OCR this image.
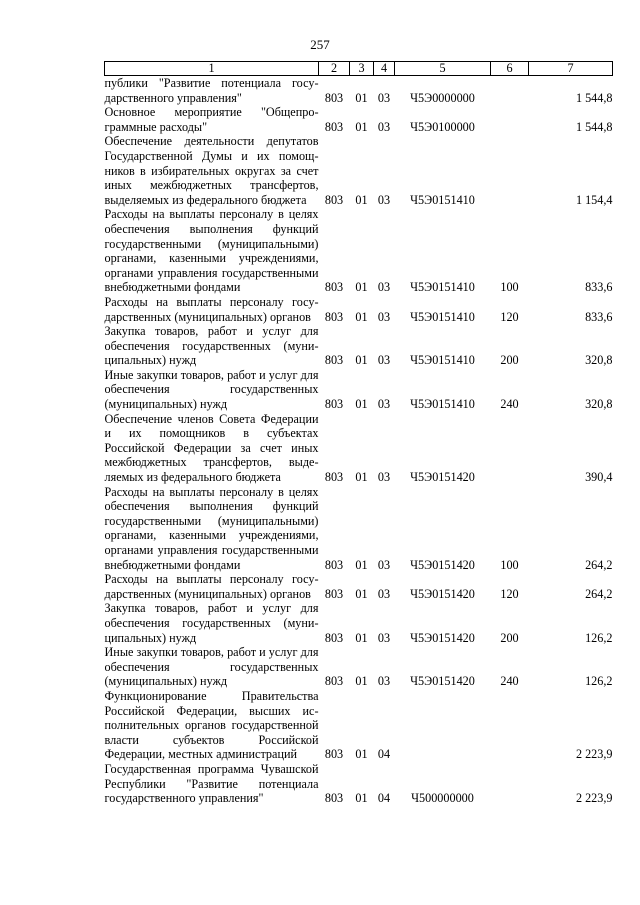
257
1	2	3	4	5	6	7
публики "Развитие потенциала государственного управления"	803	01	03	Ч5Э0000000		1 544,8
Основное мероприятие "Общепрограммные расходы"	803	01	03	Ч5Э0100000		1 544,8
Обеспечение деятельности депутатов Государственной Думы и их помощников в избирательных округах за счет иных межбюджетных трансфертов, выделяемых из федерального бюджета	803	01	03	Ч5Э0151410		1 154,4
Расходы на выплаты персоналу в целях обеспечения выполнения функций государственными (муниципальными) органами, казенными учреждениями, органами управления государственными внебюджетными фондами	803	01	03	Ч5Э0151410	100	833,6
Расходы на выплаты персоналу государственных (муниципальных) органов	803	01	03	Ч5Э0151410	120	833,6
Закупка товаров, работ и услуг для обеспечения государственных (муниципальных) нужд	803	01	03	Ч5Э0151410	200	320,8
Иные закупки товаров, работ и услуг для обеспечения государственных (муниципальных) нужд	803	01	03	Ч5Э0151410	240	320,8
Обеспечение членов Совета Федерации и их помощников в субъектах Российской Федерации за счет иных межбюджетных трансфертов, выделяемых из федерального бюджета	803	01	03	Ч5Э0151420		390,4
Расходы на выплаты персоналу в целях обеспечения выполнения функций государственными (муниципальными) органами, казенными учреждениями, органами управления государственными внебюджетными фондами	803	01	03	Ч5Э0151420	100	264,2
Расходы на выплаты персоналу государственных (муниципальных) органов	803	01	03	Ч5Э0151420	120	264,2
Закупка товаров, работ и услуг для обеспечения государственных (муниципальных) нужд	803	01	03	Ч5Э0151420	200	126,2
Иные закупки товаров, работ и услуг для обеспечения государственных (муниципальных) нужд	803	01	03	Ч5Э0151420	240	126,2
Функционирование Правительства Российской Федерации, высших исполнительных органов государственной власти субъектов Российской Федерации, местных администраций	803	01	04			2 223,9
Государственная программа Чувашской Республики "Развитие потенциала государственного управления"	803	01	04	Ч500000000		2 223,9
